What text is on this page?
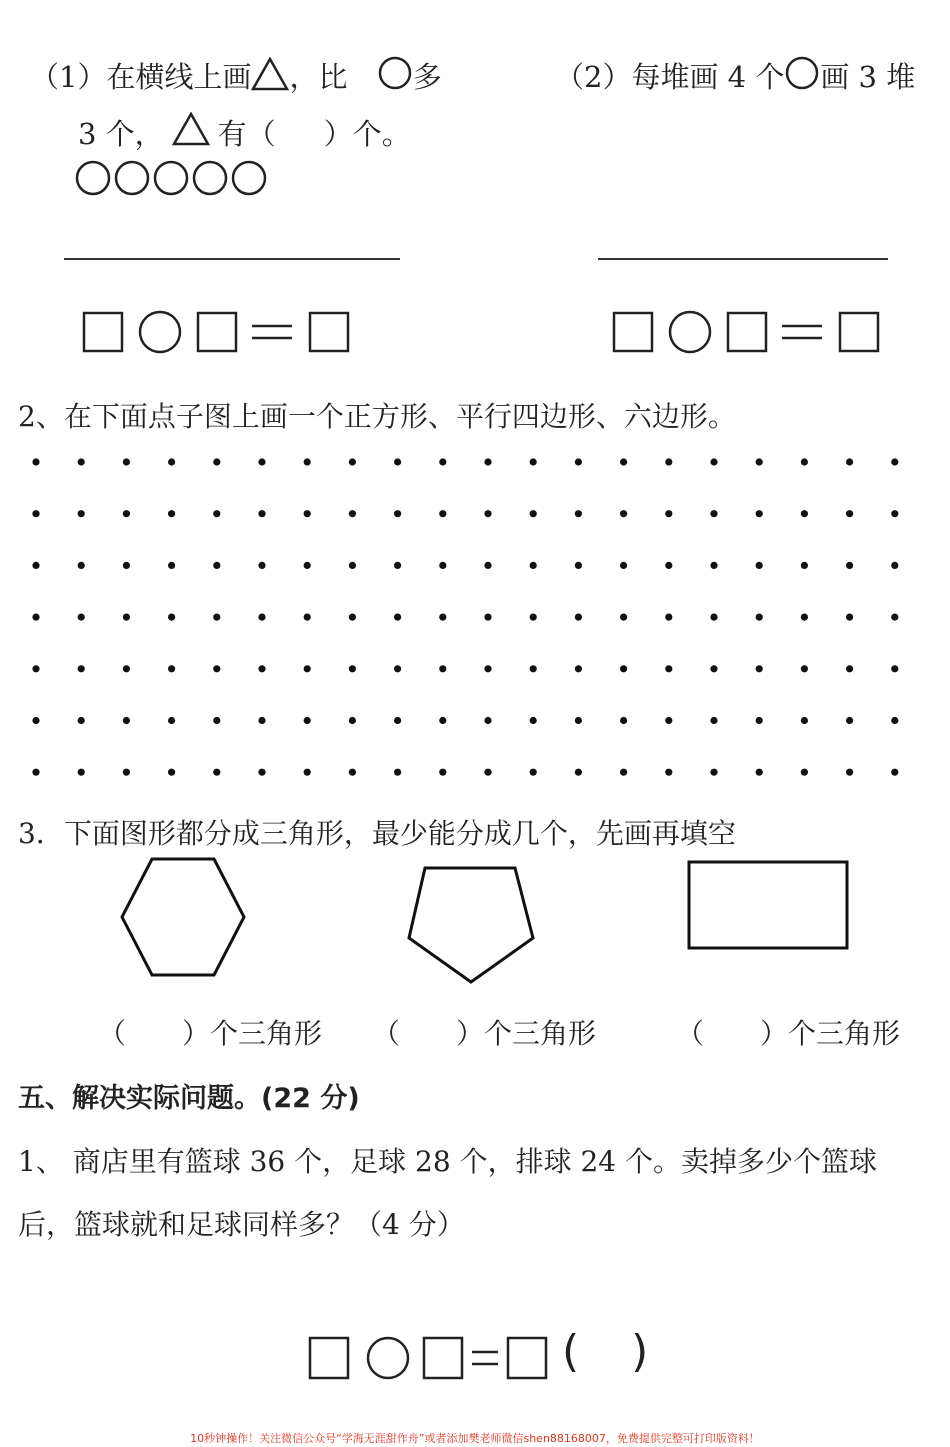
（1）在横线上画 ，比 多
3 个， 有（ ）个。
（2）每堆画 4 个 画 3 堆
2、在下面点子图上画一个正方形、平行四边形、六边形。
3．下面图形都分成三角形，最少能分成几个，先画再填空
（ ）个三角形 （ ）个三角形	（ ）个三角形
五、解决实际问题。(22 分)
1、 商店里有篮球 36 个，足球 28 个，排球 24 个。卖掉多少个篮球
后，篮球就和足球同样多？（4 分）
( )
10秒钟操作！关注微信公众号“学海无涯甜作舟”或者添加樊老师微信shen88168007，免费提供完整可打印版资料！
